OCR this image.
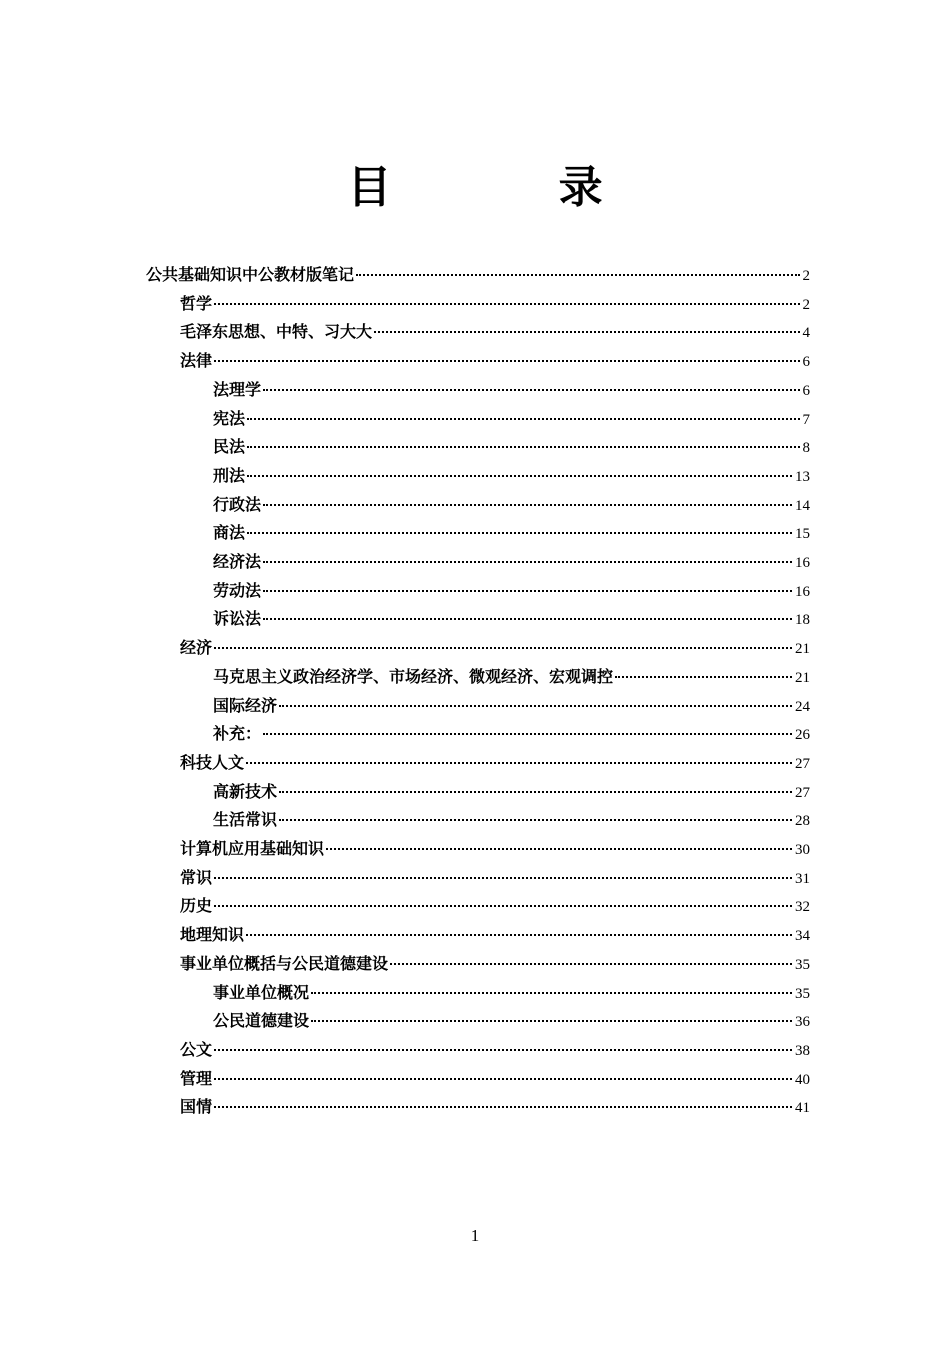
目 录
公共基础知识中公教材版笔记	2
哲学	2
毛泽东思想、中特、习大大	4
法律	6
法理学	6
宪法	7
民法	8
刑法	13
行政法	14
商法	15
经济法	16
劳动法	16
诉讼法	18
经济	21
马克思主义政治经济学、市场经济、微观经济、宏观调控	21
国际经济	24
补充：	26
科技人文	27
高新技术	27
生活常识	28
计算机应用基础知识	30
常识	31
历史	32
地理知识	34
事业单位概括与公民道德建设	35
事业单位概况	35
公民道德建设	36
公文	38
管理	40
国情	41
1
